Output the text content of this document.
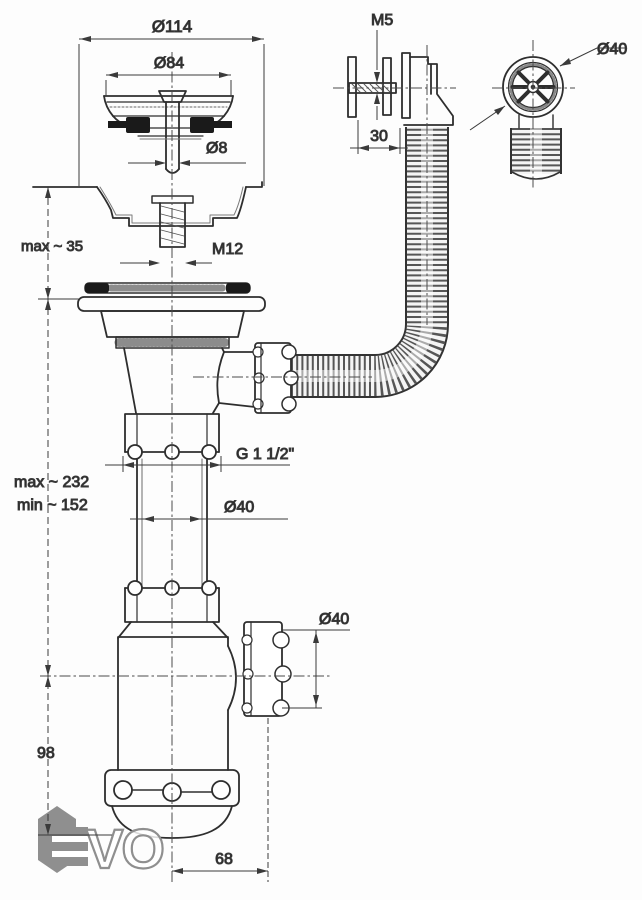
VO
Ø114
Ø84
Ø8
M12
max ~ 35
max ~ 232
min ~ 152
98
G 1 1/2"
Ø40
Ø40
68
M5
30
Ø40
